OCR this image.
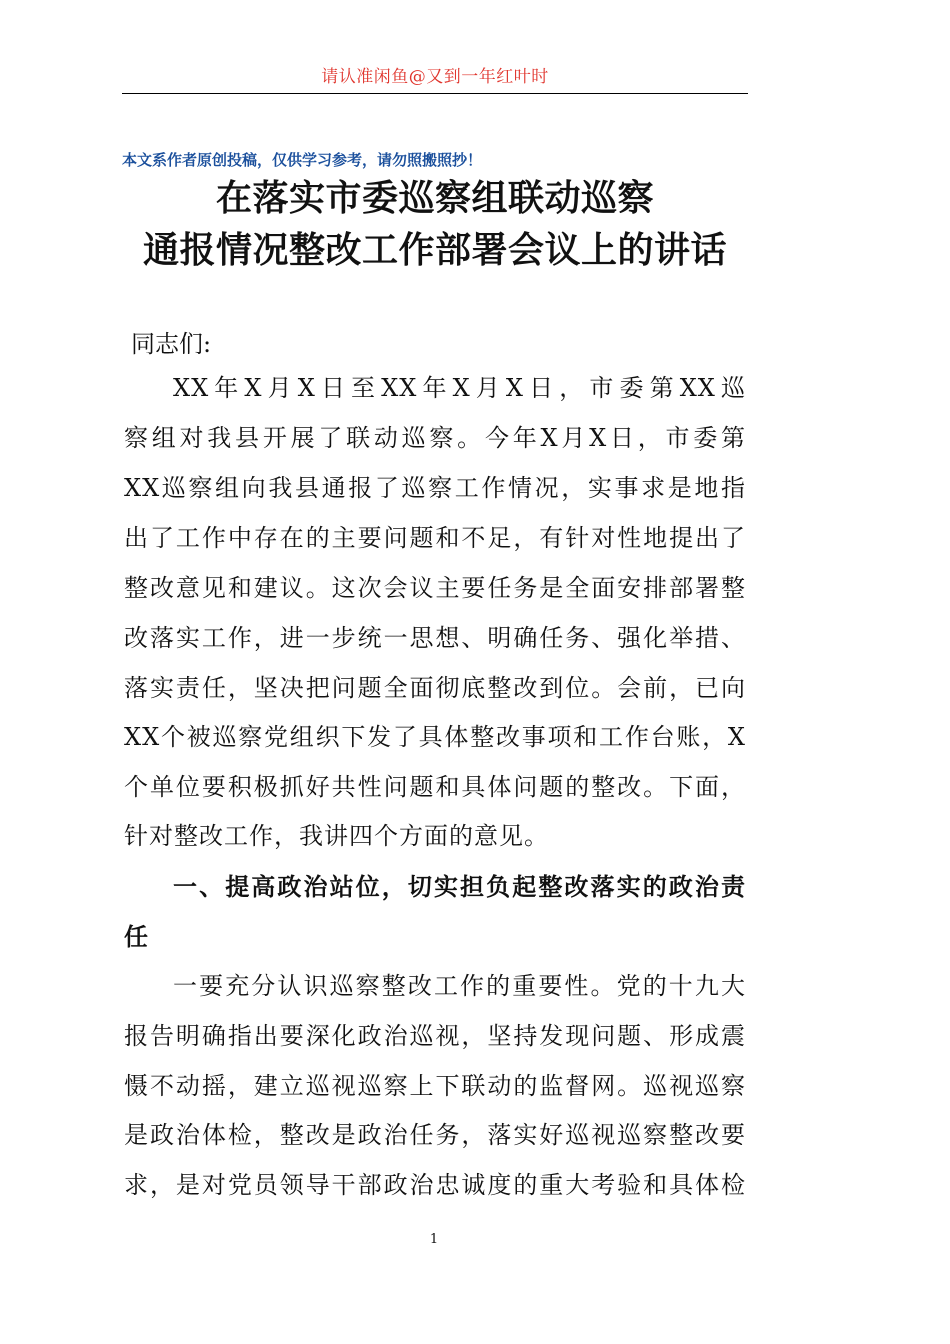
请认准闲鱼@又到一年红叶时
本文系作者原创投稿，仅供学习参考，请勿照搬照抄！
在落实市委巡察组联动巡察
通报情况整改工作部署会议上的讲话
同志们:
XX年X月X日至XX年X月X日，市委第XX巡
察组对我县开展了联动巡察。今年X月X日，市委第
XX巡察组向我县通报了巡察工作情况，实事求是地指
出了工作中存在的主要问题和不足，有针对性地提出了
整改意见和建议。这次会议主要任务是全面安排部署整
改落实工作，进一步统一思想、明确任务、强化举措、
落实责任，坚决把问题全面彻底整改到位。会前，已向
XX个被巡察党组织下发了具体整改事项和工作台账，X
个单位要积极抓好共性问题和具体问题的整改。下面，
针对整改工作，我讲四个方面的意见。
一、提高政治站位，切实担负起整改落实的政治责
任
一要充分认识巡察整改工作的重要性。党的十九大
报告明确指出要深化政治巡视，坚持发现问题、形成震
慑不动摇，建立巡视巡察上下联动的监督网。巡视巡察
是政治体检，整改是政治任务，落实好巡视巡察整改要
求，是对党员领导干部政治忠诚度的重大考验和具体检
1
